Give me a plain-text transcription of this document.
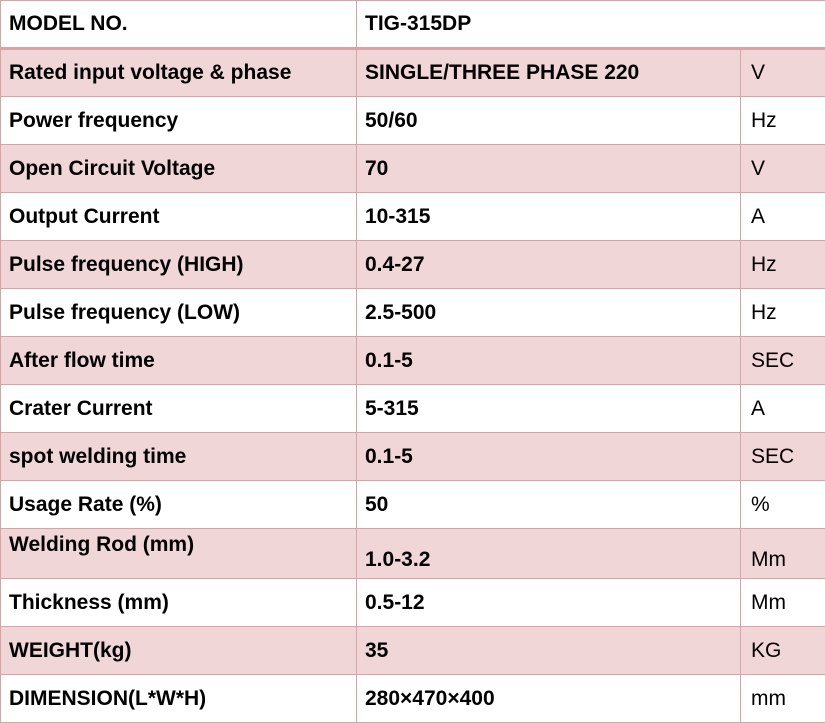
MODEL NO.	TIG-315DP	
Rated input voltage & phase	SINGLE/THREE PHASE 220	V
Power frequency	50/60	Hz
Open Circuit Voltage	70	V
Output Current	10-315	A
Pulse frequency (HIGH)	0.4-27	Hz
Pulse frequency (LOW)	2.5-500	Hz
After flow time	0.1-5	SEC
Crater Current	5-315	A
spot welding time	0.1-5	SEC
Usage Rate (%)	50	%
Welding Rod (mm)	1.0-3.2	Mm
Thickness (mm)	0.5-12	Mm
WEIGHT(kg)	35	KG
DIMENSION(L*W*H)	280×470×400	mm
